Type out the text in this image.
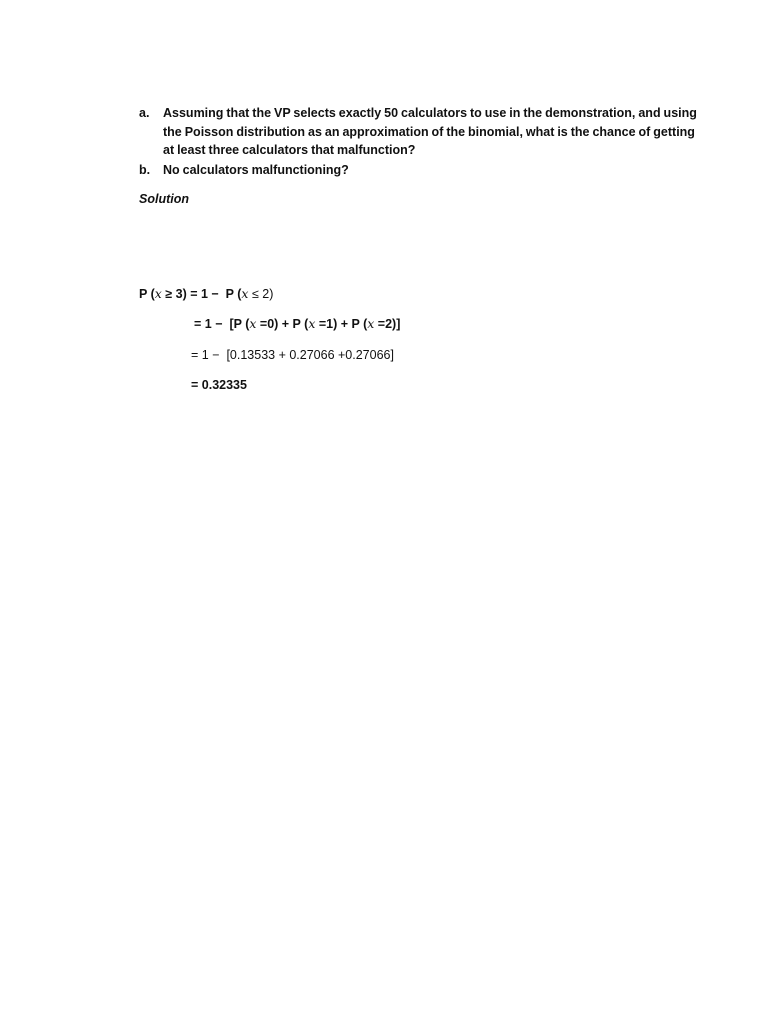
a. Assuming that the VP selects exactly 50 calculators to use in the demonstration, and using the Poisson distribution as an approximation of the binomial, what is the chance of getting at least three calculators that malfunction?
b. No calculators malfunctioning?
Solution
P (x ≥ 3) = 1 −  P (x ≤ 2)
= 1 −  [P (x =0) + P (x =1) + P (x =2)]
= 1 −  [0.13533 + 0.27066 +0.27066]
= 0.32335
